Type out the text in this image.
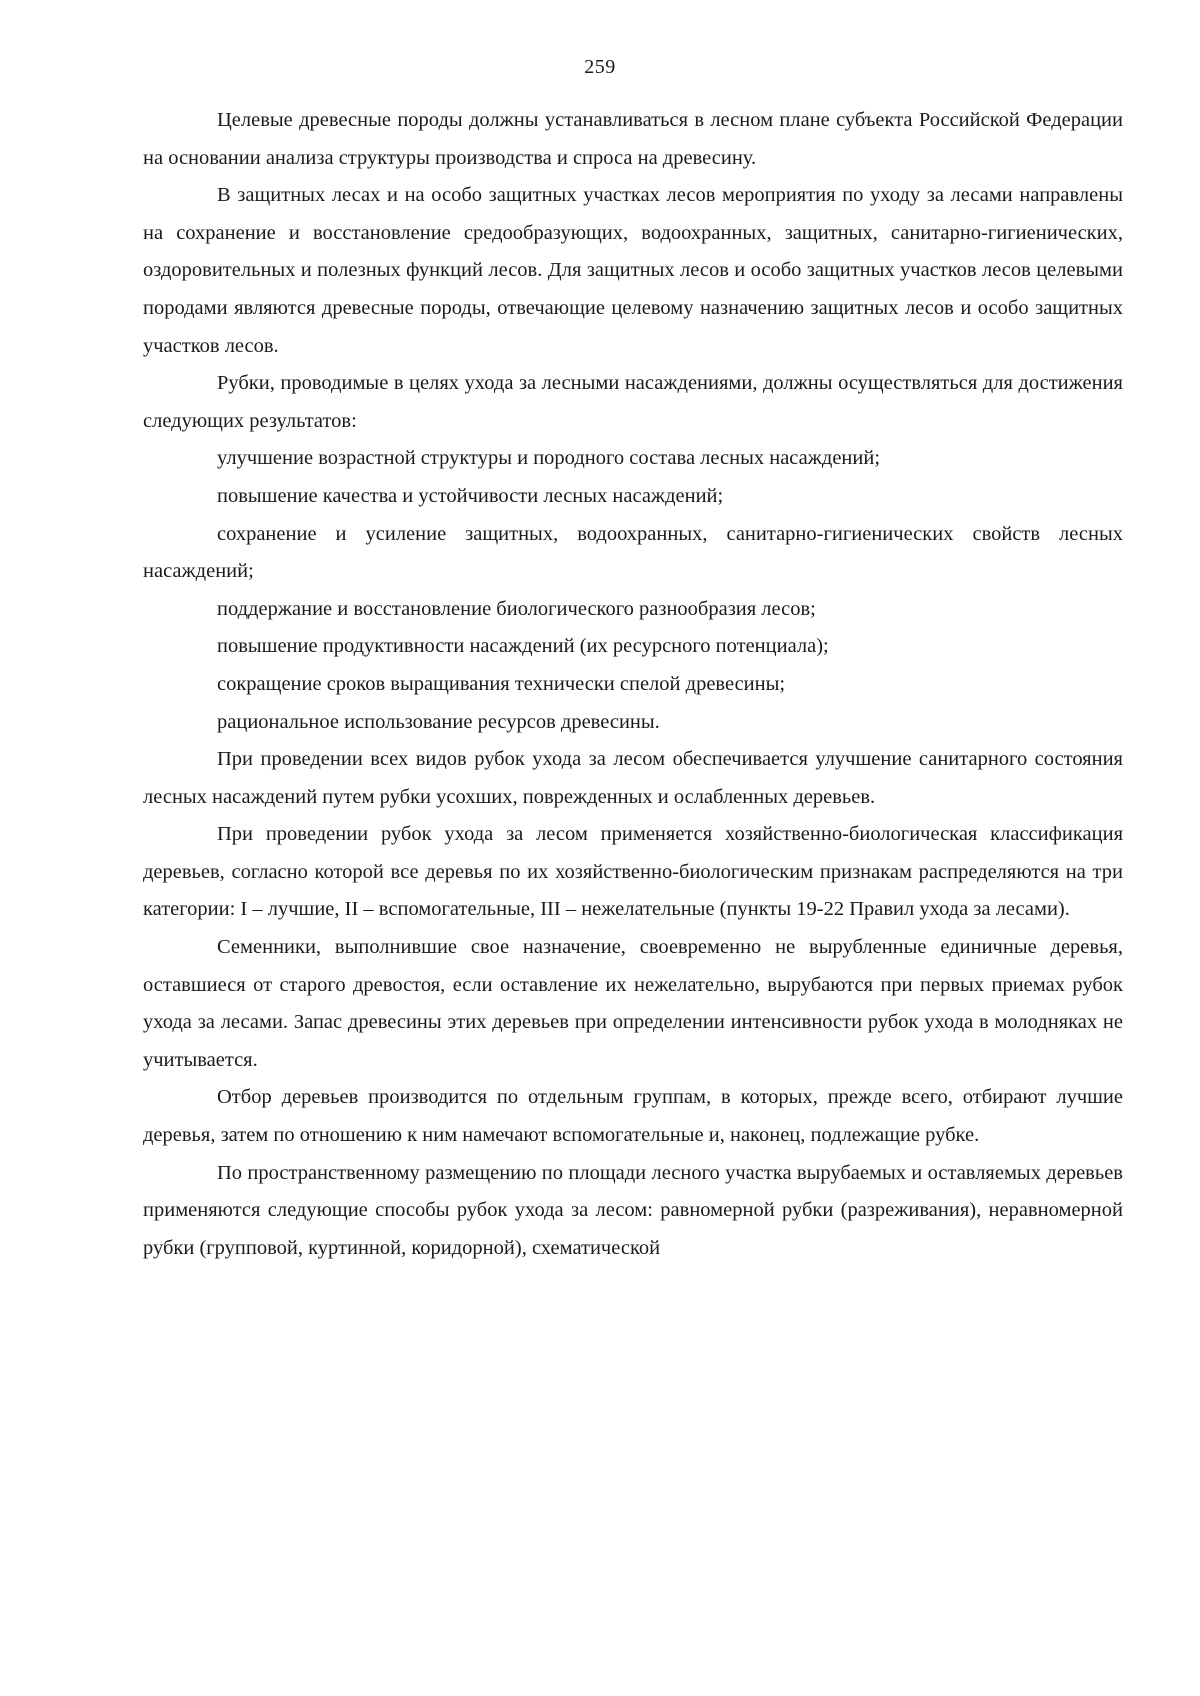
259

Целевые древесные породы должны устанавливаться в лесном плане субъекта Российской Федерации на основании анализа структуры производства и спроса на древесину.

В защитных лесах и на особо защитных участках лесов мероприятия по уходу за лесами направлены на сохранение и восстановление средообразующих, водоохранных, защитных, санитарно-гигиенических, оздоровительных и полезных функций лесов. Для защитных лесов и особо защитных участков лесов целевыми породами являются древесные породы, отвечающие целевому назначению защитных лесов и особо защитных участков лесов.

Рубки, проводимые в целях ухода за лесными насаждениями, должны осуществляться для достижения следующих результатов:

улучшение возрастной структуры и породного состава лесных насаждений;

повышение качества и устойчивости лесных насаждений;

сохранение и усиление защитных, водоохранных, санитарно-гигиенических свойств лесных насаждений;

поддержание и восстановление биологического разнообразия лесов;

повышение продуктивности насаждений (их ресурсного потенциала);

сокращение сроков выращивания технически спелой древесины;

рациональное использование ресурсов древесины.

При проведении всех видов рубок ухода за лесом обеспечивается улучшение санитарного состояния лесных насаждений путем рубки усохших, поврежденных и ослабленных деревьев.

При проведении рубок ухода за лесом применяется хозяйственно-биологическая классификация деревьев, согласно которой все деревья по их хозяйственно-биологическим признакам распределяются на три категории: I – лучшие, II – вспомогательные, III – нежелательные (пункты 19-22 Правил ухода за лесами).

Семенники, выполнившие свое назначение, своевременно не вырубленные единичные деревья, оставшиеся от старого древостоя, если оставление их нежелательно, вырубаются при первых приемах рубок ухода за лесами. Запас древесины этих деревьев при определении интенсивности рубок ухода в молодняках не учитывается.

Отбор деревьев производится по отдельным группам, в которых, прежде всего, отбирают лучшие деревья, затем по отношению к ним намечают вспомогательные и, наконец, подлежащие рубке.

По пространственному размещению по площади лесного участка вырубаемых и оставляемых деревьев применяются следующие способы рубок ухода за лесом: равномерной рубки (разреживания), неравномерной рубки (групповой, куртинной, коридорной), схематической
